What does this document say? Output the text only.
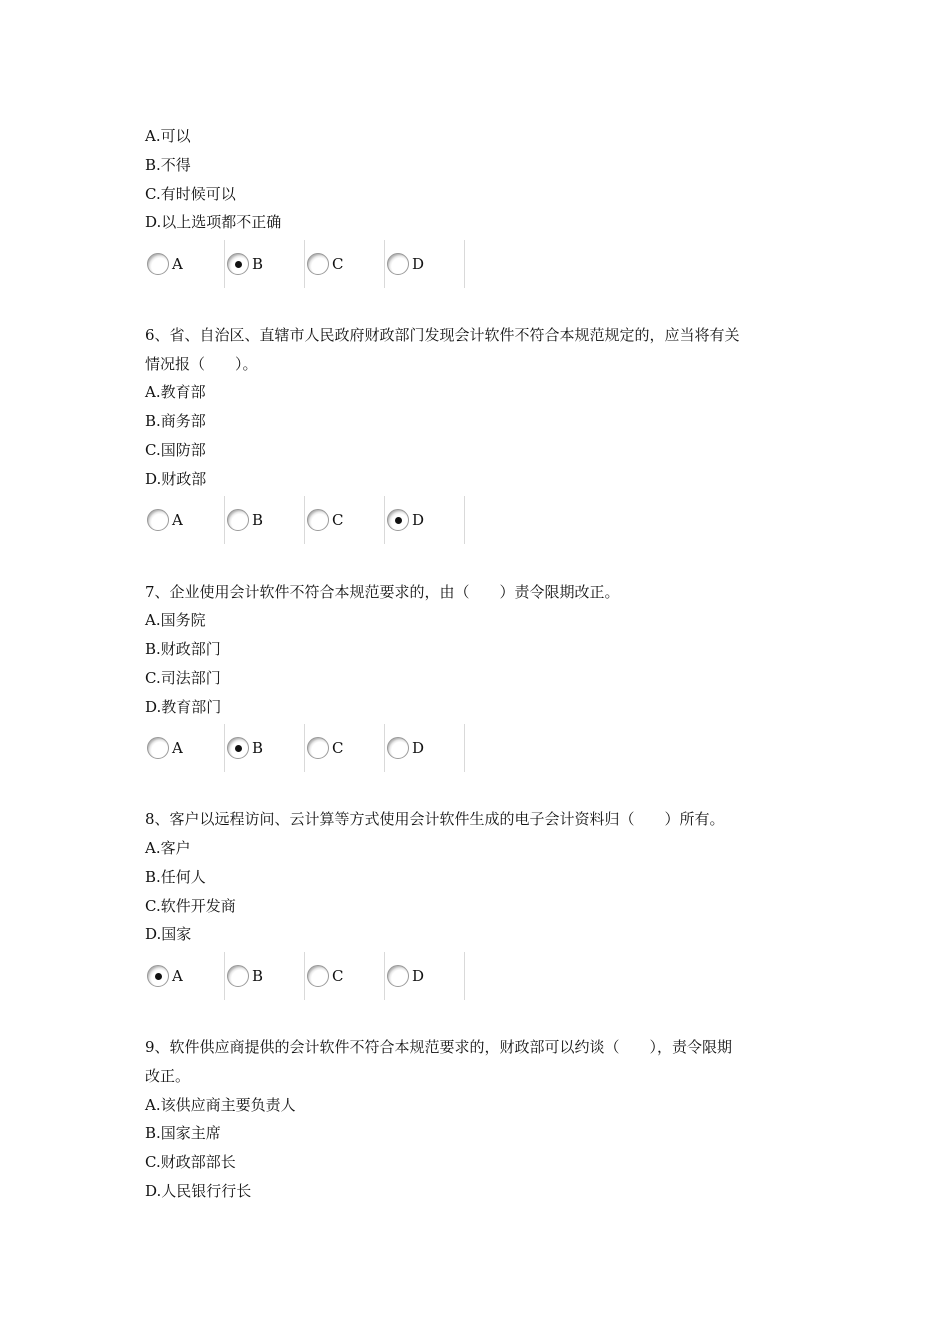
A.可以
B.不得
C.有时候可以
D.以上选项都不正确
A	B	C	D
6、省、自治区、直辖市人民政府财政部门发现会计软件不符合本规范规定的，应当将有关
情况报（　　）。
A.教育部
B.商务部
C.国防部
D.财政部
A	B	C	D
7、企业使用会计软件不符合本规范要求的，由（　　）责令限期改正。
A.国务院
B.财政部门
C.司法部门
D.教育部门
A	B	C	D
8、客户以远程访问、云计算等方式使用会计软件生成的电子会计资料归（　　）所有。
A.客户
B.任何人
C.软件开发商
D.国家
A	B	C	D
9、软件供应商提供的会计软件不符合本规范要求的，财政部可以约谈（　　），责令限期
改正。
A.该供应商主要负责人
B.国家主席
C.财政部部长
D.人民银行行长
